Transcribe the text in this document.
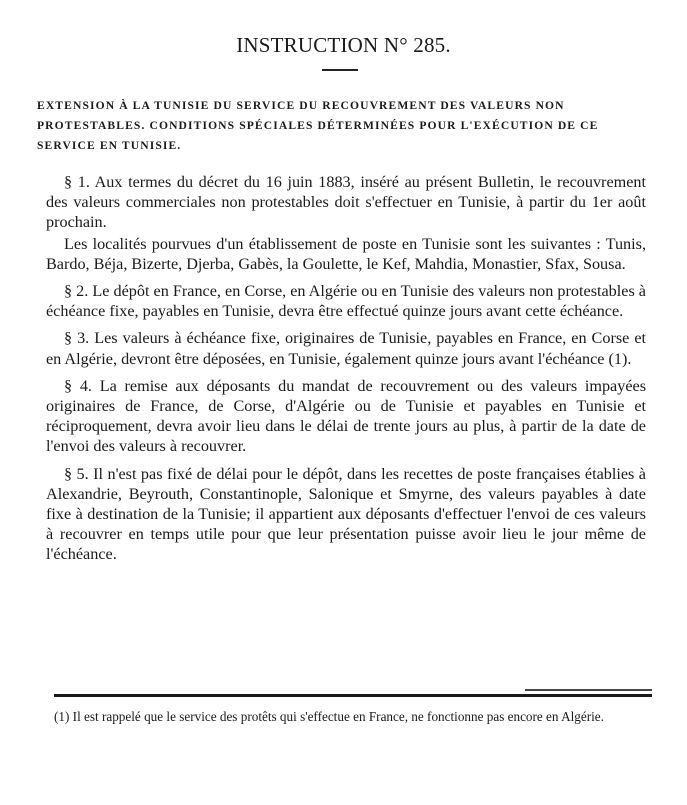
INSTRUCTION N° 285.
EXTENSION À LA TUNISIE DU SERVICE DU RECOUVREMENT DES VALEURS NON PROTESTABLES. CONDITIONS SPÉCIALES DÉTERMINÉES POUR L'EXÉCUTION DE CE SERVICE EN TUNISIE.

§ 1. Aux termes du décret du 16 juin 1883, inséré au présent Bulletin, le recouvrement des valeurs commerciales non protestables doit s'effectuer en Tunisie, à partir du 1er août prochain.

Les localités pourvues d'un établissement de poste en Tunisie sont les suivantes : Tunis, Bardo, Béja, Bizerte, Djerba, Gabès, la Goulette, le Kef, Mahdia, Monastier, Sfax, Sousa.

§ 2. Le dépôt en France, en Corse, en Algérie ou en Tunisie des valeurs non protestables à échéance fixe, payables en Tunisie, devra être effectué quinze jours avant cette échéance.

§ 3. Les valeurs à échéance fixe, originaires de Tunisie, payables en France, en Corse et en Algérie, devront être déposées, en Tunisie, également quinze jours avant l'échéance (1).

§ 4. La remise aux déposants du mandat de recouvrement ou des valeurs impayées originaires de France, de Corse, d'Algérie ou de Tunisie et payables en Tunisie et réciproquement, devra avoir lieu dans le délai de trente jours au plus, à partir de la date de l'envoi des valeurs à recouvrer.

§ 5. Il n'est pas fixé de délai pour le dépôt, dans les recettes de poste françaises établies à Alexandrie, Beyrouth, Constantinople, Salonique et Smyrne, des valeurs payables à date fixe à destination de la Tunisie; il appartient aux déposants d'effectuer l'envoi de ces valeurs à recouvrer en temps utile pour que leur présentation puisse avoir lieu le jour même de l'échéance.

(1) Il est rappelé que le service des protêts qui s'effectue en France, ne fonctionne pas encore en Algérie.
